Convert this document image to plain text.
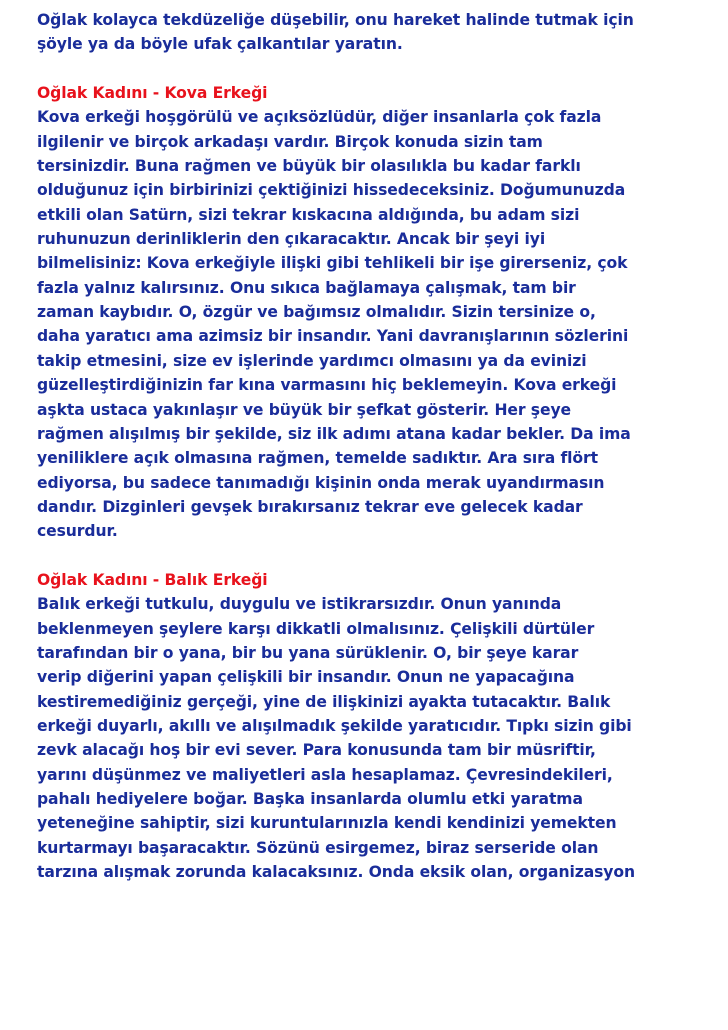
Oğlak kolayca tekdüzeliğe düşebilir, onu hareket halinde tutmak için
şöyle ya da böyle ufak çalkantılar yaratın.
Oğlak Kadını - Kova Erkeği
Kova erkeği hoşgörülü ve açıksözlüdür, diğer insanlarla çok fazla
ilgilenir ve birçok arkadaşı vardır. Birçok konuda sizin tam
tersinizdir. Buna rağmen ve büyük bir olasılıkla bu kadar farklı
olduğunuz için birbirinizi çektiğinizi hissedeceksiniz. Doğumunuzda
etkili olan Satürn, sizi tekrar kıskacına aldığında, bu adam sizi
ruhunuzun derinliklerin den çıkaracaktır. Ancak bir şeyi iyi
bilmelisiniz: Kova erkeğiyle ilişki gibi tehlikeli bir işe girerseniz, çok
fazla yalnız kalırsınız. Onu sıkıca bağlamaya çalışmak, tam bir
zaman kaybıdır. O, özgür ve bağımsız olmalıdır. Sizin tersinize o,
daha yaratıcı ama azimsiz bir insandır. Yani davranışlarının sözlerini
takip etmesini, size ev işlerinde yardımcı olmasını ya da evinizi
güzelleştirdiğinizin far kına varmasını hiç beklemeyin. Kova erkeği
aşkta ustaca yakınlaşır ve büyük bir şefkat gösterir. Her şeye
rağmen alışılmış bir şekilde, siz ilk adımı atana kadar bekler. Da ima
yeniliklere açık olmasına rağmen, temelde sadıktır. Ara sıra flört
ediyorsa, bu sadece tanımadığı kişinin onda merak uyandırmasın
dandır. Dizginleri gevşek bırakırsanız tekrar eve gelecek kadar
cesurdur.
Oğlak Kadını - Balık Erkeği
Balık erkeği tutkulu, duygulu ve istikrarsızdır. Onun yanında
beklenmeyen şeylere karşı dikkatli olmalısınız. Çelişkili dürtüler
tarafından bir o yana, bir bu yana sürüklenir. O, bir şeye karar
verip diğerini yapan çelişkili bir insandır. Onun ne yapacağına
kestiremediğiniz gerçeği, yine de ilişkinizi ayakta tutacaktır. Balık
erkeği duyarlı, akıllı ve alışılmadık şekilde yaratıcıdır. Tıpkı sizin gibi
zevk alacağı hoş bir evi sever. Para konusunda tam bir müsriftir,
yarını düşünmez ve maliyetleri asla hesaplamaz. Çevresindekileri,
pahalı hediyelere boğar. Başka insanlarda olumlu etki yaratma
yeteneğine sahiptir, sizi kuruntularınızla kendi kendinizi yemekten
kurtarmayı başaracaktır. Sözünü esirgemez, biraz serseride olan
tarzına alışmak zorunda kalacaksınız. Onda eksik olan, organizasyon
